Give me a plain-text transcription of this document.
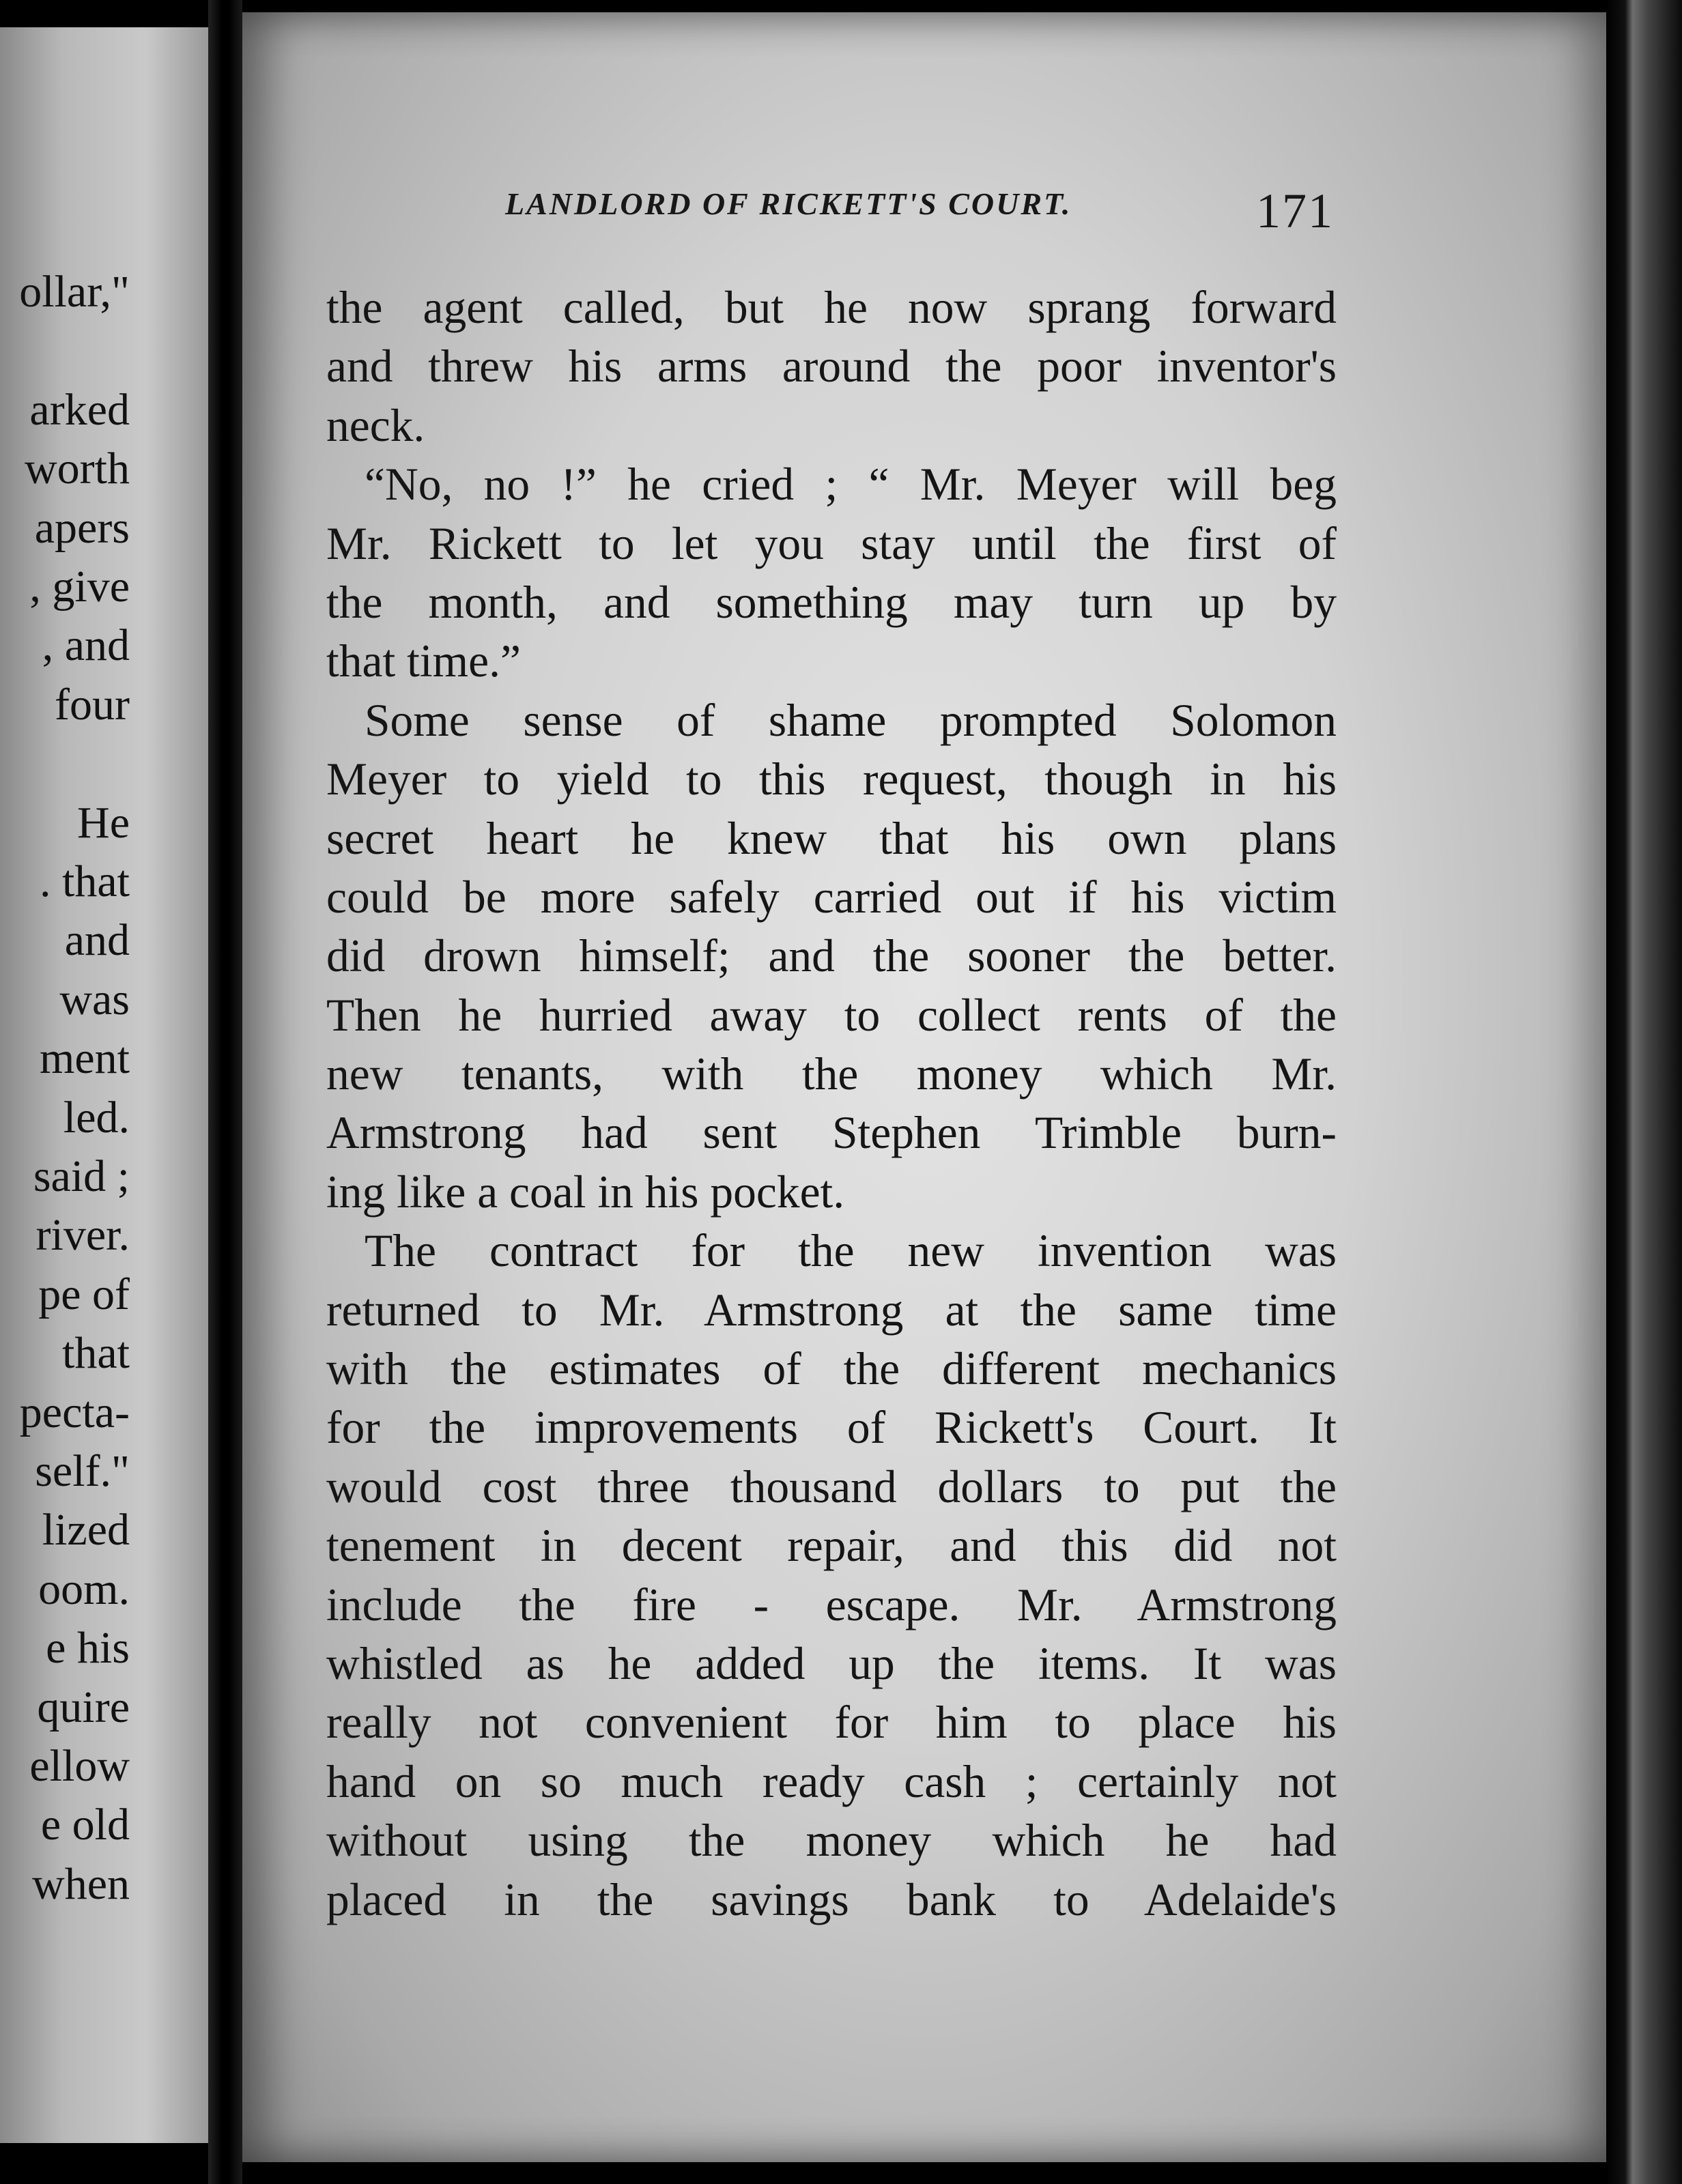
ollar,"
arked
worth
apers
, give
, and
four
He
. that
and
was
ment
led.
said ;
river.
pe of
that
pecta-
self."
lized
oom.
e his
quire
ellow
e old
when
LANDLORD OF RICKETT'S COURT.	171
the agent called, but he now sprang forward
and threw his arms around the poor inventor's
neck.
“No, no !” he cried ; “ Mr. Meyer will beg
Mr. Rickett to let you stay until the first of
the month, and something may turn up by
that time.”
Some sense of shame prompted Solomon
Meyer to yield to this request, though in his
secret heart he knew that his own plans
could be more safely carried out if his victim
did drown himself; and the sooner the better.
Then he hurried away to collect rents of the
new tenants, with the money which Mr.
Armstrong had sent Stephen Trimble burn-
ing like a coal in his pocket.
The contract for the new invention was
returned to Mr. Armstrong at the same time
with the estimates of the different mechanics
for the improvements of Rickett's Court. It
would cost three thousand dollars to put the
tenement in decent repair, and this did not
include the fire - escape. Mr. Armstrong
whistled as he added up the items. It was
really not convenient for him to place his
hand on so much ready cash ; certainly not
without using the money which he had
placed in the savings bank to Adelaide's
